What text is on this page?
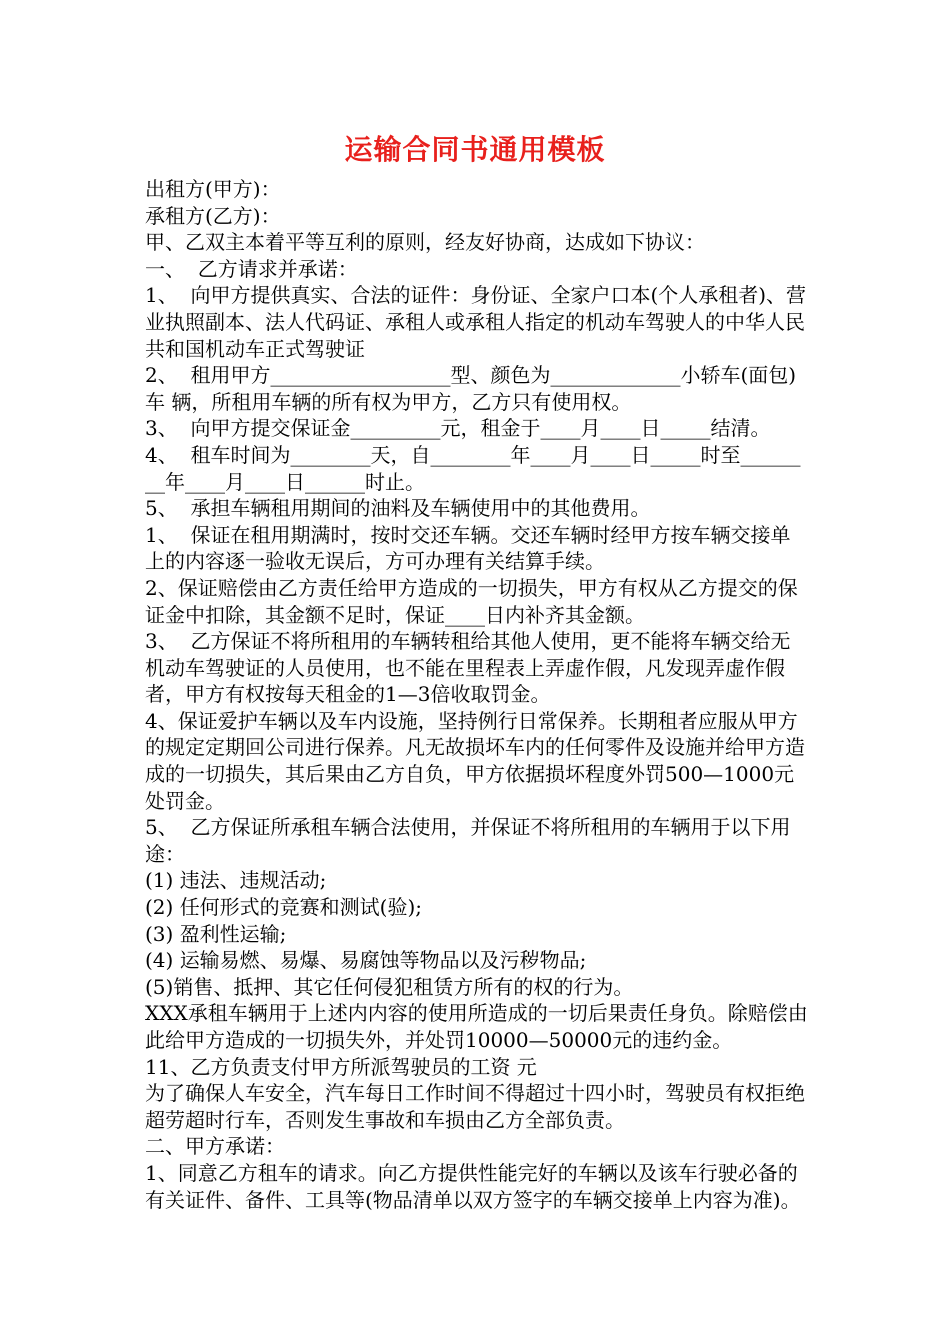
运输合同书通用模板

出租方(甲方)：

承租方(乙方)：

甲、乙双主本着平等互利的原则，经友好协商，达成如下协议：

一、  乙方请求并承诺：

1、  向甲方提供真实、合法的证件：身份证、全家户口本(个人承租者)、营业执照副本、法人代码证、承租人或承租人指定的机动车驾驶人的中华人民共和国机动车正式驾驶证

2、  租用甲方__________________型、颜色为_____________小轿车(面包)车 辆，所租用车辆的所有权为甲方，乙方只有使用权。

3、  向甲方提交保证金_________元，租金于____月____日_____结清。

4、  租车时间为________天，自________年____月____日_____时至________年____月____日______时止。

5、  承担车辆租用期间的油料及车辆使用中的其他费用。

1、  保证在租用期满时，按时交还车辆。交还车辆时经甲方按车辆交接单上的内容逐一验收无误后，方可办理有关结算手续。

2、保证赔偿由乙方责任给甲方造成的一切损失，甲方有权从乙方提交的保证金中扣除，其金额不足时，保证____日内补齐其金额。

3、  乙方保证不将所租用的车辆转租给其他人使用，更不能将车辆交给无机动车驾驶证的人员使用，也不能在里程表上弄虚作假，凡发现弄虚作假者，甲方有权按每天租金的1—3倍收取罚金。

4、保证爱护车辆以及车内设施，坚持例行日常保养。长期租者应服从甲方的规定定期回公司进行保养。凡无故损坏车内的任何零件及设施并给甲方造成的一切损失，其后果由乙方自负，甲方依据损坏程度外罚500—1000元处罚金。

5、  乙方保证所承租车辆合法使用，并保证不将所租用的车辆用于以下用途：

(1) 违法、违规活动;

(2) 任何形式的竞赛和测试(验);

(3) 盈利性运输;

(4) 运输易燃、易爆、易腐蚀等物品以及污秽物品;

(5)销售、抵押、其它任何侵犯租赁方所有的权的行为。

XXX承租车辆用于上述内内容的使用所造成的一切后果责任身负。除赔偿由此给甲方造成的一切损失外，并处罚10000—50000元的违约金。

11、乙方负责支付甲方所派驾驶员的工资 元

为了确保人车安全，汽车每日工作时间不得超过十四小时，驾驶员有权拒绝超劳超时行车，否则发生事故和车损由乙方全部负责。

二、甲方承诺：

1、同意乙方租车的请求。向乙方提供性能完好的车辆以及该车行驶必备的有关证件、备件、工具等(物品清单以双方签字的车辆交接单上内容为准)。
